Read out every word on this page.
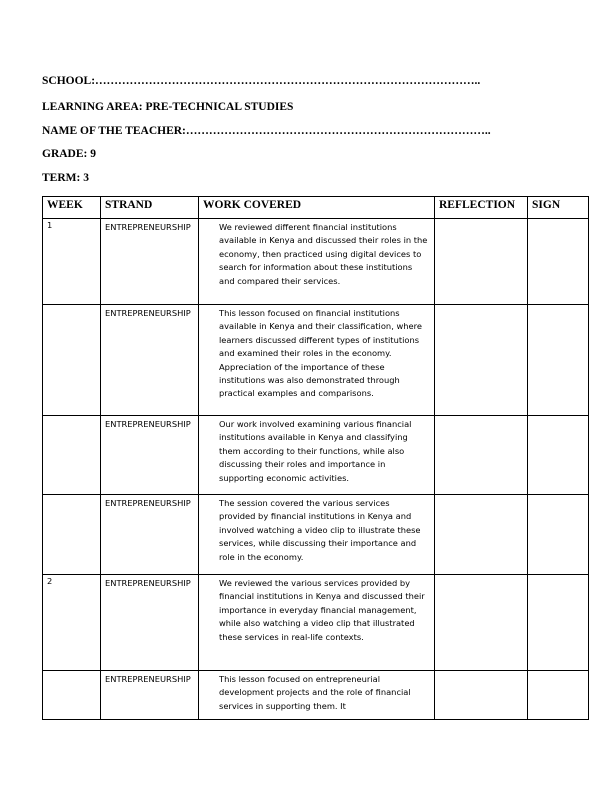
SCHOOL:………………………………………………………………………………………..
LEARNING AREA: PRE-TECHNICAL STUDIES
NAME OF THE TEACHER:……………………………………………………………………..
GRADE: 9
TERM: 3
WEEK	STRAND	WORK COVERED	REFLECTION	SIGN
1	ENTREPRENEURSHIP	We reviewed different financial institutions available in Kenya and discussed their roles in the economy, then practiced using digital devices to search for information about these institutions and compared their services.		
	ENTREPRENEURSHIP	This lesson focused on financial institutions available in Kenya and their classification, where learners discussed different types of institutions and examined their roles in the economy. Appreciation of the importance of these institutions was also demonstrated through practical examples and comparisons.		
	ENTREPRENEURSHIP	Our work involved examining various financial institutions available in Kenya and classifying them according to their functions, while also discussing their roles and importance in supporting economic activities.		
	ENTREPRENEURSHIP	The session covered the various services provided by financial institutions in Kenya and involved watching a video clip to illustrate these services, while discussing their importance and role in the economy.		
2	ENTREPRENEURSHIP	We reviewed the various services provided by financial institutions in Kenya and discussed their importance in everyday financial management, while also watching a video clip that illustrated these services in real-life contexts.		
	ENTREPRENEURSHIP	This lesson focused on entrepreneurial development projects and the role of financial services in supporting them. It		
